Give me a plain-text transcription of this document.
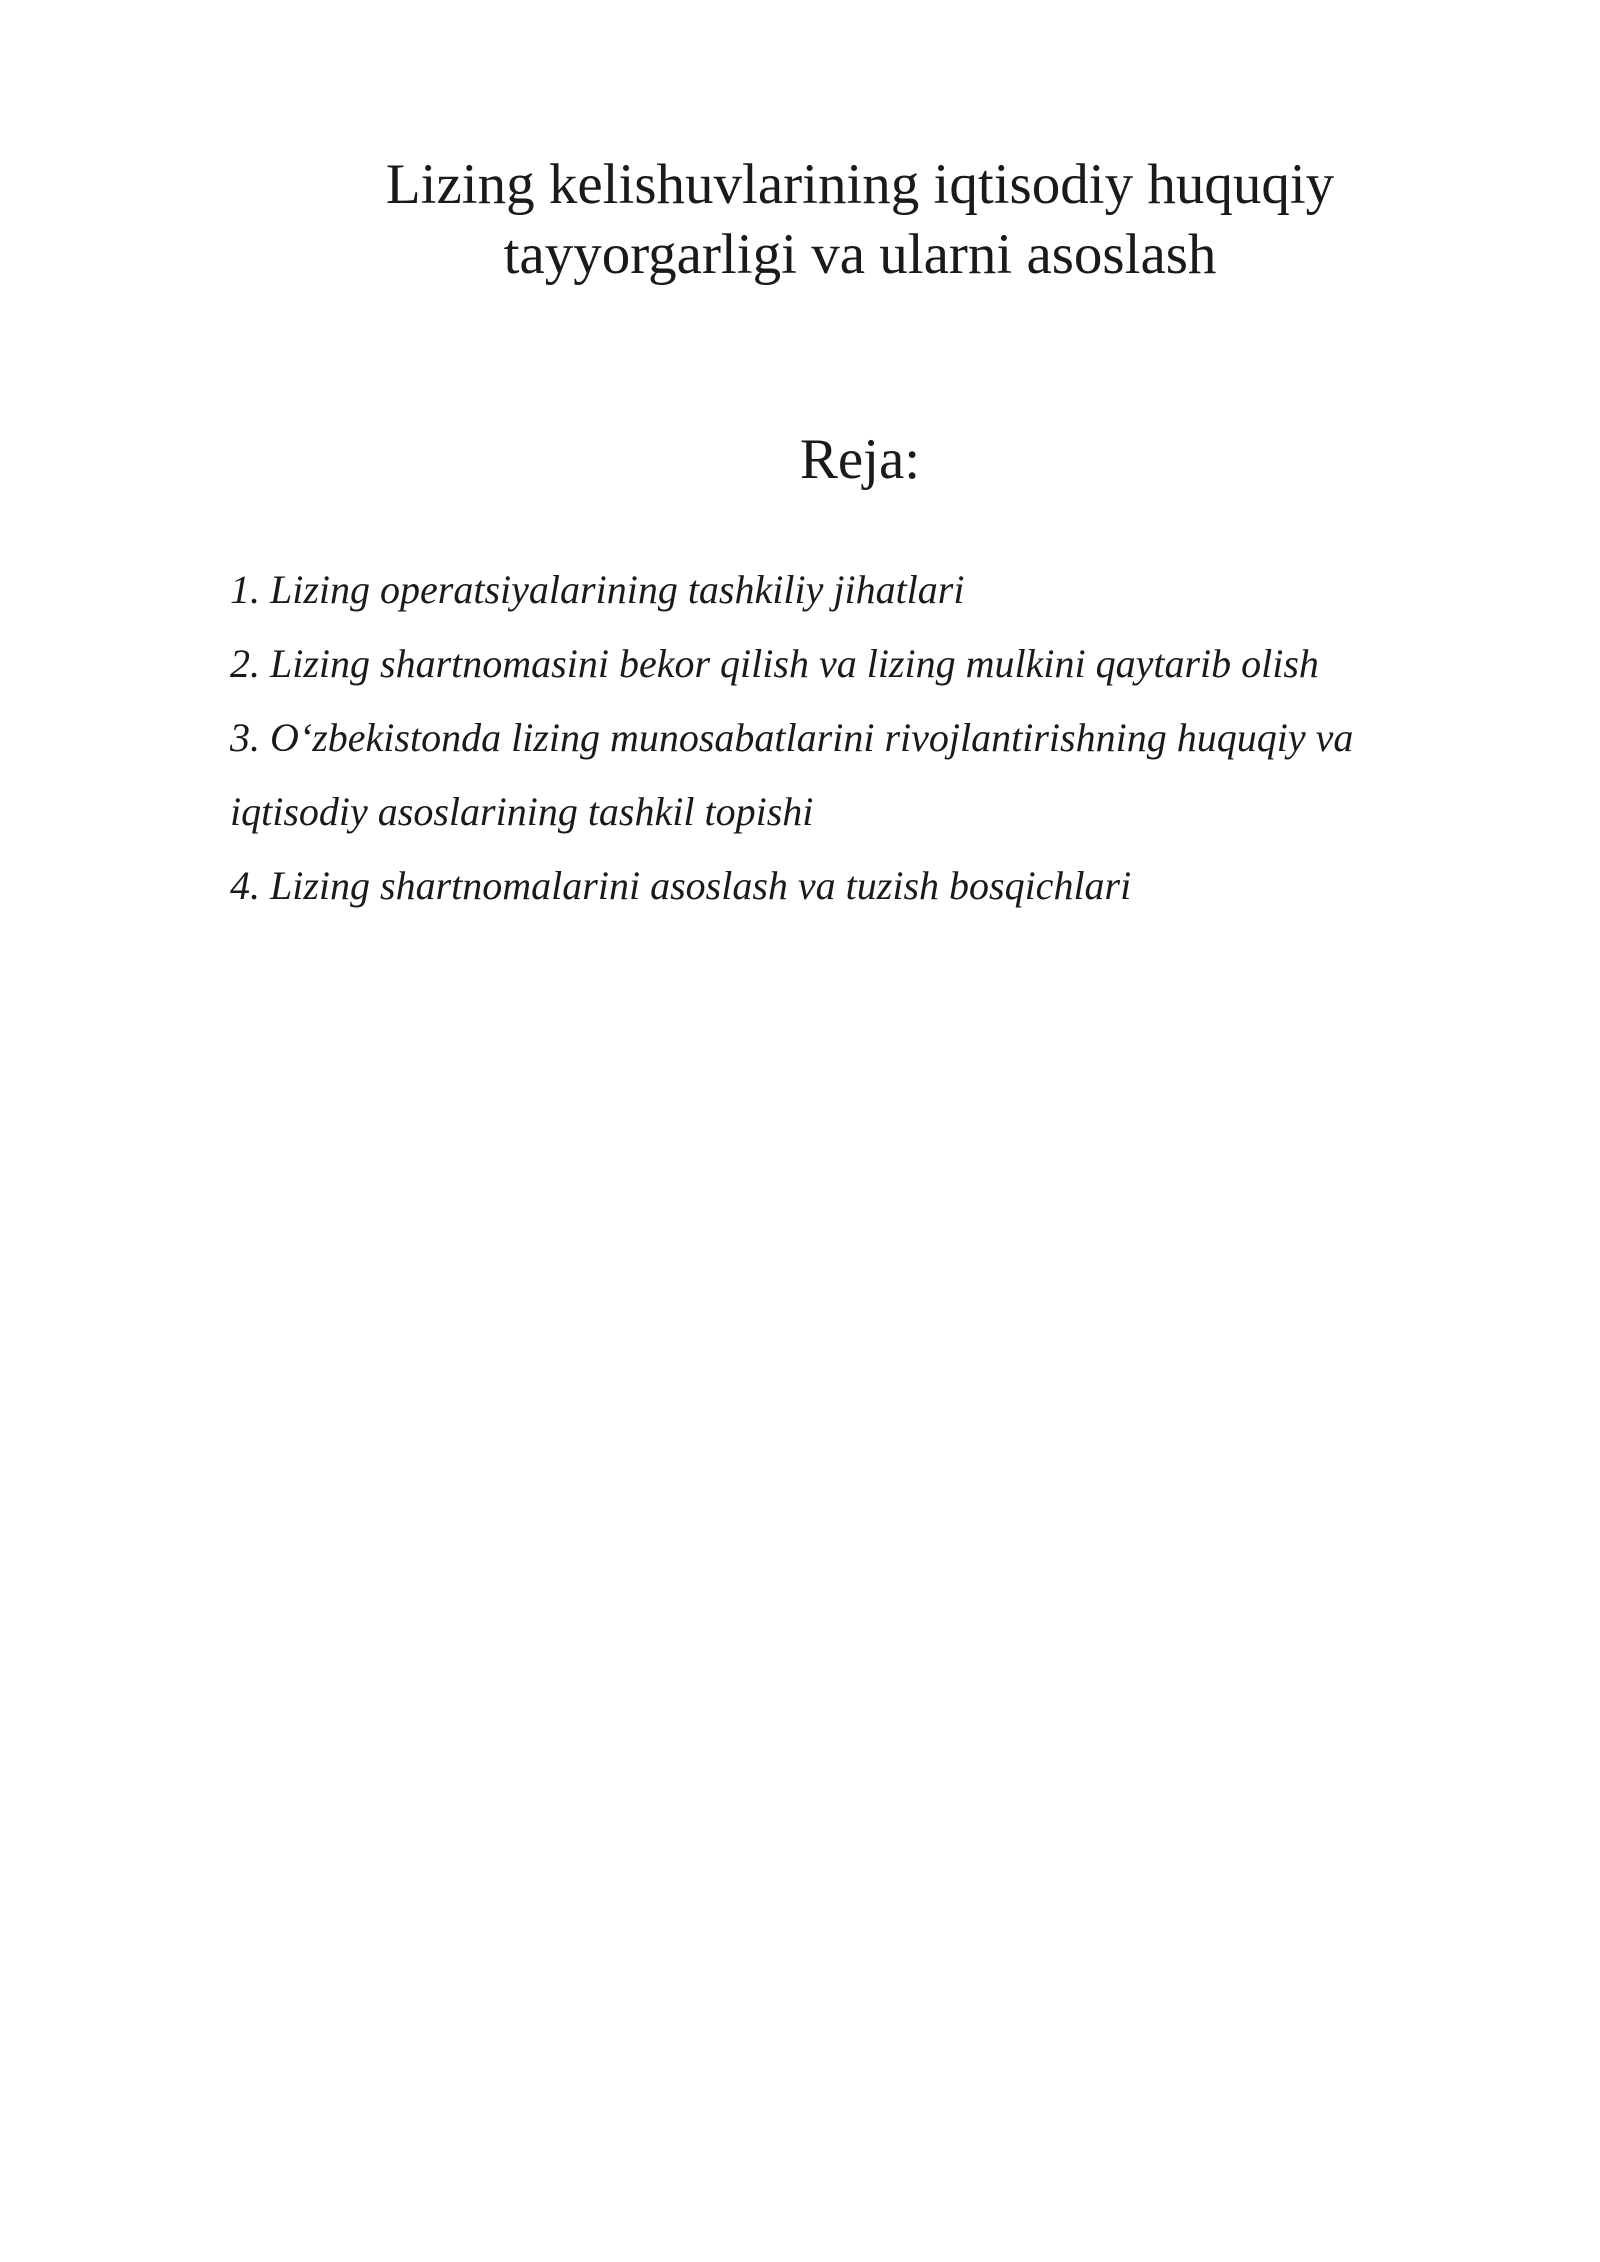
Lizing kelishuvlarining iqtisodiy huquqiy
tayyorgarligi va ularni asoslash
Reja:
1. Lizing operatsiyalarining tashkiliy jihatlari
2. Lizing shartnomasini bekor qilish va lizing mulkini qaytarib olish
3. O‘zbekistonda lizing munosabatlarini rivojlantirishning huquqiy va
iqtisodiy asoslarining tashkil topishi
4. Lizing shartnomalarini asoslash va tuzish bosqichlari
